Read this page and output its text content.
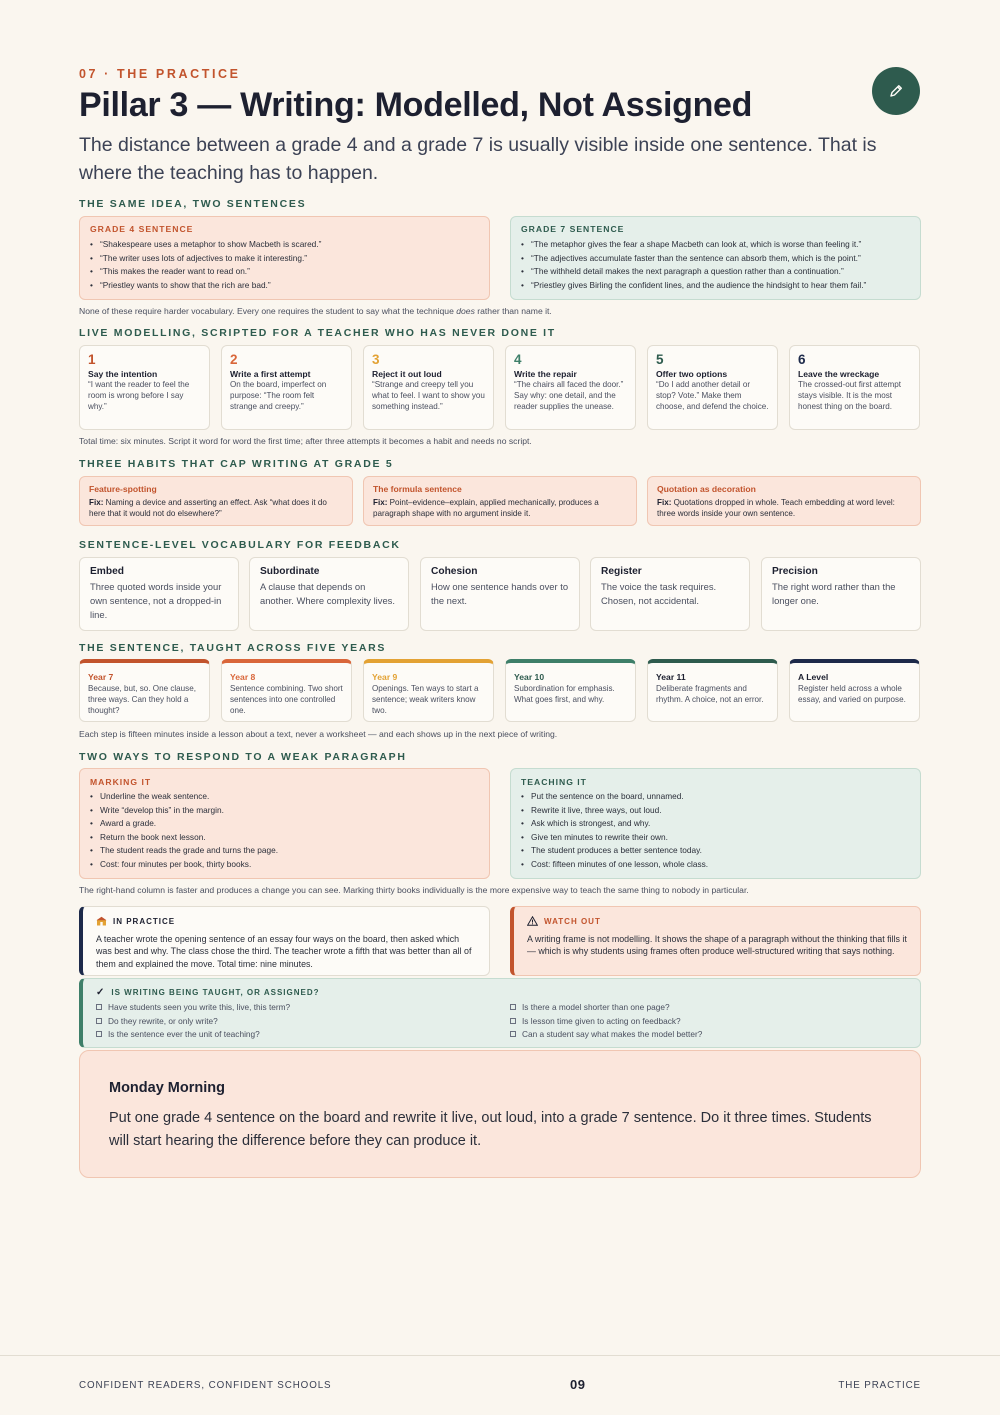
07 · THE PRACTICE
Pillar 3 — Writing: Modelled, Not Assigned
The distance between a grade 4 and a grade 7 is usually visible inside one sentence. That is where the teaching has to happen.
THE SAME IDEA, TWO SENTENCES
GRADE 4 SENTENCE
• “Shakespeare uses a metaphor to show Macbeth is scared.”
• “The writer uses lots of adjectives to make it interesting.”
• “This makes the reader want to read on.”
• “Priestley wants to show that the rich are bad.”
GRADE 7 SENTENCE
• “The metaphor gives the fear a shape Macbeth can look at, which is worse than feeling it.”
• “The adjectives accumulate faster than the sentence can absorb them, which is the point.”
• “The withheld detail makes the next paragraph a question rather than a continuation.”
• “Priestley gives Birling the confident lines, and the audience the hindsight to hear them fail.”
None of these require harder vocabulary. Every one requires the student to say what the technique does rather than name it.
LIVE MODELLING, SCRIPTED FOR A TEACHER WHO HAS NEVER DONE IT
1
Say the intention
“I want the reader to feel the room is wrong before I say why.”
2
Write a first attempt
On the board, imperfect on purpose: “The room felt strange and creepy.”
3
Reject it out loud
“Strange and creepy tell you what to feel. I want to show you something instead.”
4
Write the repair
“The chairs all faced the door.” Say why: one detail, and the reader supplies the unease.
5
Offer two options
“Do I add another detail or stop? Vote.” Make them choose, and defend the choice.
6
Leave the wreckage
The crossed-out first attempt stays visible. It is the most honest thing on the board.
Total time: six minutes. Script it word for word the first time; after three attempts it becomes a habit and needs no script.
THREE HABITS THAT CAP WRITING AT GRADE 5
Feature-spotting
Fix: Naming a device and asserting an effect. Ask “what does it do here that it would not do elsewhere?”
The formula sentence
Fix: Point–evidence–explain, applied mechanically, produces a paragraph shape with no argument inside it.
Quotation as decoration
Fix: Quotations dropped in whole. Teach embedding at word level: three words inside your own sentence.
SENTENCE-LEVEL VOCABULARY FOR FEEDBACK
Embed
Three quoted words inside your own sentence, not a dropped-in line.
Subordinate
A clause that depends on another. Where complexity lives.
Cohesion
How one sentence hands over to the next.
Register
The voice the task requires. Chosen, not accidental.
Precision
The right word rather than the longer one.
THE SENTENCE, TAUGHT ACROSS FIVE YEARS
Year 7
Because, but, so. One clause, three ways. Can they hold a thought?
Year 8
Sentence combining. Two short sentences into one controlled one.
Year 9
Openings. Ten ways to start a sentence; weak writers know two.
Year 10
Subordination for emphasis. What goes first, and why.
Year 11
Deliberate fragments and rhythm. A choice, not an error.
A Level
Register held across a whole essay, and varied on purpose.
Each step is fifteen minutes inside a lesson about a text, never a worksheet — and each shows up in the next piece of writing.
TWO WAYS TO RESPOND TO A WEAK PARAGRAPH
MARKING IT
• Underline the weak sentence.
• Write “develop this” in the margin.
• Award a grade.
• Return the book next lesson.
• The student reads the grade and turns the page.
• Cost: four minutes per book, thirty books.
TEACHING IT
• Put the sentence on the board, unnamed.
• Rewrite it live, three ways, out loud.
• Ask which is strongest, and why.
• Give ten minutes to rewrite their own.
• The student produces a better sentence today.
• Cost: fifteen minutes of one lesson, whole class.
The right-hand column is faster and produces a change you can see. Marking thirty books individually is the more expensive way to teach the same thing to nobody in particular.
IN PRACTICE
A teacher wrote the opening sentence of an essay four ways on the board, then asked which was best and why. The class chose the third. The teacher wrote a fifth that was better than all of them and explained the move. Total time: nine minutes.
WATCH OUT
A writing frame is not modelling. It shows the shape of a paragraph without the thinking that fills it — which is why students using frames often produce well-structured writing that says nothing.
✓ IS WRITING BEING TAUGHT, OR ASSIGNED?
Have students seen you write this, live, this term?
Do they rewrite, or only write?
Is the sentence ever the unit of teaching?
Is there a model shorter than one page?
Is lesson time given to acting on feedback?
Can a student say what makes the model better?
Monday Morning
Put one grade 4 sentence on the board and rewrite it live, out loud, into a grade 7 sentence. Do it three times. Students will start hearing the difference before they can produce it.
CONFIDENT READERS, CONFIDENT SCHOOLS	09	THE PRACTICE
